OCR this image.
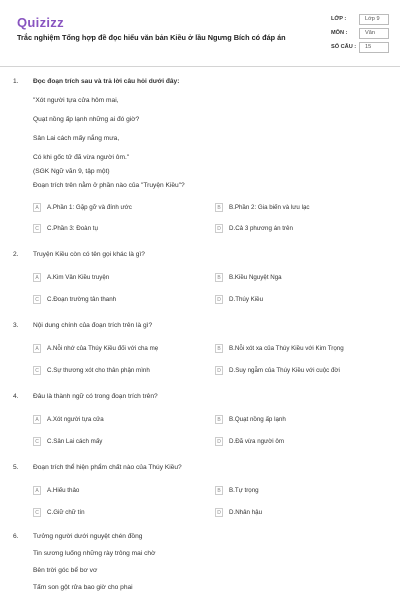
Quizizz
Trắc nghiệm Tổng hợp đề đọc hiểu văn bản Kiều ở lầu Ngưng Bích có đáp án
LỚP :	Lớp 9
MÔN :	Văn
SỐ CÂU :	15
1. Đọc đoạn trích sau và trả lời câu hỏi dưới đây:
"Xót người tựa cửa hôm mai,
Quạt nồng ấp lạnh những ai đó giờ?
Sân Lai cách mấy nắng mưa,
Có khi gốc tử đã vừa người ôm."
(SGK Ngữ văn 9, tập một)
Đoạn trích trên nằm ở phần nào của "Truyện Kiều"?
A	A.Phần 1: Gặp gỡ và đính ước	B	B.Phần 2: Gia biến và lưu lạc
C	C.Phần 3: Đoàn tụ	D	D.Cả 3 phương án trên
2. Truyện Kiều còn có tên gọi khác là gì?
A	A.Kim Vân Kiều truyện	B	B.Kiều Nguyệt Nga
C	C.Đoạn trường tân thanh	D	D.Thúy Kiều
3. Nội dung chính của đoạn trích trên là gì?
A	A.Nỗi nhớ của Thúy Kiều đối với cha mẹ	B	B.Nỗi xót xa của Thúy Kiều với Kim Trọng
C	C.Sự thương xót cho thân phận mình	D	D.Suy ngẫm của Thúy Kiều với cuộc đời
4. Đâu là thành ngữ có trong đoạn trích trên?
A	A.Xót người tựa cửa	B	B.Quạt nồng ấp lạnh
C	C.Sân Lai cách mấy	D	D.Đã vừa người ôm
5. Đoạn trích thể hiện phẩm chất nào của Thúy Kiều?
A	A.Hiếu thảo	B	B.Tự trọng
C	C.Giữ chữ tín	D	D.Nhân hậu
6. Tưởng người dưới nguyệt chén đồng
Tin sương luống những rày trông mai chờ
Bên trời góc bể bơ vơ
Tấm son gột rửa bao giờ cho phai
